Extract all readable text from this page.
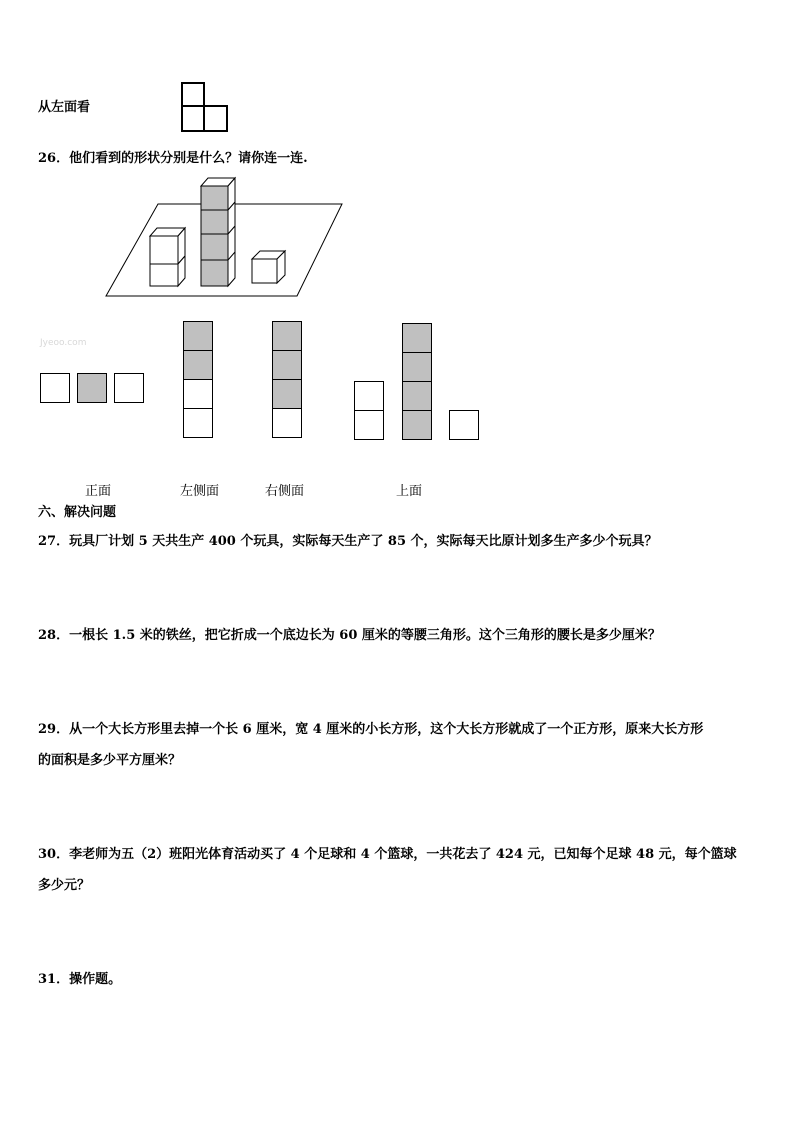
从左面看
26．他们看到的形状分别是什么？请你连一连.
Jyeoo.com
正面	左侧面	右侧面	上面
六、解决问题
27．玩具厂计划 5 天共生产 400 个玩具，实际每天生产了 85 个，实际每天比原计划多生产多少个玩具？
28．一根长 1.5 米的铁丝，把它折成一个底边长为 60 厘米的等腰三角形。这个三角形的腰长是多少厘米？
29．从一个大长方形里去掉一个长 6 厘米，宽 4 厘米的小长方形，这个大长方形就成了一个正方形，原来大长方形
的面积是多少平方厘米？
30．李老师为五（2）班阳光体育活动买了 4 个足球和 4 个篮球，一共花去了 424 元，已知每个足球 48 元，每个篮球
多少元？
31．操作题。
